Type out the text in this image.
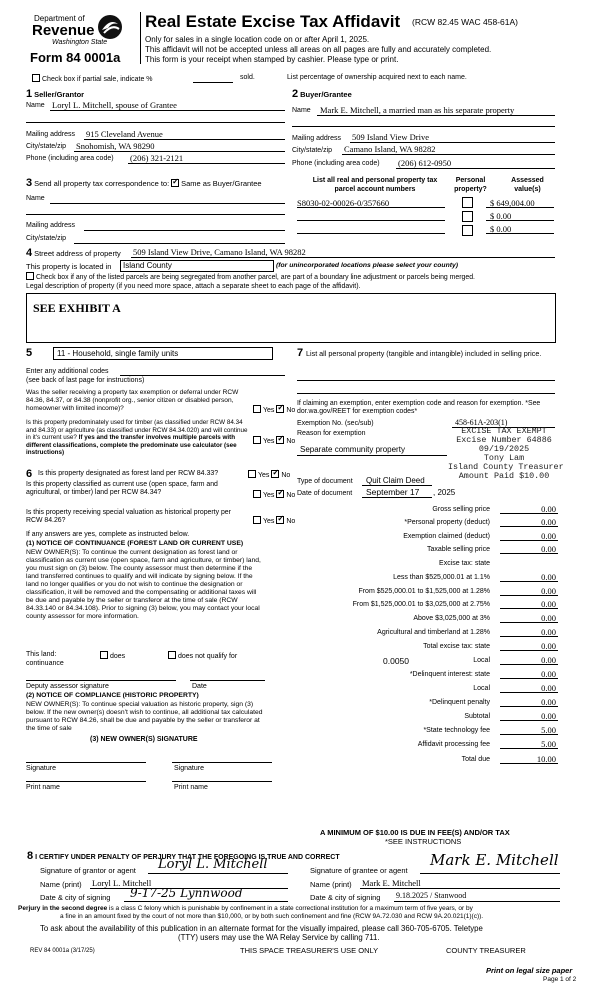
Department of
Revenue
Washington State
Form 84 0001a
Real Estate Excise Tax Affidavit (RCW 82.45 WAC 458-61A)
Only for sales in a single location code on or after April 1, 2025.
This affidavit will not be accepted unless all areas on all pages are fully and accurately completed.
This form is your receipt when stamped by cashier. Please type or print.
Check box if partial sale, indicate %	sold.	List percentage of ownership acquired next to each name.
1 Seller/Grantor
Name Loryl L. Mitchell, spouse of Grantee
Mailing address 915 Cleveland Avenue
City/state/zip Snohomish, WA 98290
Phone (including area code) (206) 321-2121
2 Buyer/Grantee
Name Mark E. Mitchell, a married man as his separate property
Mailing address 509 Island View Drive
City/state/zip Camano Island, WA 98282
Phone (including area code) (206) 612-0950
3 Send all property tax correspondence to: ✓ Same as Buyer/Grantee
Name
Mailing address
City/state/zip
List all real and personal property tax
parcel account numbers
Personal
property?
Assessed
value(s)
S8030-02-00026-0/357660	$ 649,004.00
$ 0.00
$ 0.00
4 Street address of property 509 Island View Drive, Camano Island, WA 98282
This property is located in	Island County	(for unincorporated locations please select your county)
Check box if any of the listed parcels are being segregated from another parcel, are part of a boundary line adjustment or parcels being merged.
Legal description of property (if you need more space, attach a separate sheet to each page of the affidavit).
SEE EXHIBIT A
5	11 - Household, single family units
Enter any additional codes
(see back of last page for instructions)
Was the seller receiving a property tax exemption or deferral under RCW 84.36, 84.37, or 84.38 (nonprofit org., senior citizen or disabled person, homeowner with limited income)?	Yes ✓ No
Is this property predominately used for timber (as classified under RCW 84.34 and 84.33) or agriculture (as classified under RCW 84.34.020) and will continue in it's current use? If yes and the transfer involves multiple parcels with different classifications, complete the predominate use calculator (see instructions)
Yes ✓ No
6 Is this property designated as forest land per RCW 84.33?	Yes ✓ No
Is this property classified as current use (open space, farm and agricultural, or timber) land per RCW 84.34?	Yes ✓ No
Is this property receiving special valuation as historical property per RCW 84.26?	Yes ✓ No
If any answers are yes, complete as instructed below.
(1) NOTICE OF CONTINUANCE (FOREST LAND OR CURRENT USE)
NEW OWNER(S): To continue the current designation as forest land or classification as current use (open space, farm and agriculture, or timber) land, you must sign on (3) below. The county assessor must then determine if the land transferred continues to qualify and will indicate by signing below. If the land no longer qualifies or you do not wish to continue the designation or classification, it will be removed and the compensating or additional taxes will be due and payable by the seller or transferor at the time of sale (RCW 84.33.140 or 84.34.108). Prior to signing (3) below, you may contact your local county assessor for more information.
This land:	does	does not qualify for
continuance
Deputy assessor signature	Date
(2) NOTICE OF COMPLIANCE (HISTORIC PROPERTY)
NEW OWNER(S): To continue special valuation as historic property, sign (3) below. If the new owner(s) doesn't wish to continue, all additional tax calculated pursuant to RCW 84.26, shall be due and payable by the seller or transferor at the time of sale
(3) NEW OWNER(S) SIGNATURE
Signature	Signature
Print name	Print name
7 List all personal property (tangible and intangible) included in selling price.
If claiming an exemption, enter exemption code and reason for exemption. *See dor.wa.gov/REET for exemption codes*
Exemption No. (sec/sub)	458-61A-203(1)
Reason for exemption
Separate community property
EXCISE TAX EXEMPT
Excise Number 64886
09/19/2025
Tony Lam
Island County Treasurer
Amount Paid $10.00
Type of document Quit Claim Deed
Date of document September 17 , 2025
Gross selling price	0.00
*Personal property (deduct)	0.00
Exemption claimed (deduct)	0.00
Taxable selling price	0.00
Excise tax: state
Less than $525,000.01 at 1.1%	0.00
From $525,000.01 to $1,525,000 at 1.28%	0.00
From $1,525,000.01 to $3,025,000 at 2.75%	0.00
Above $3,025,000 at 3%	0.00
Agricultural and timberland at 1.28%	0.00
Total excise tax: state	0.00
Local
0.0050	0.00
*Delinquent interest: state	0.00
Local	0.00
*Delinquent penalty	0.00
Subtotal	0.00
*State technology fee	5.00
Affidavit processing fee	5.00
Total due	10.00
A MINIMUM OF $10.00 IS DUE IN FEE(S) AND/OR TAX
*SEE INSTRUCTIONS
8 I CERTIFY UNDER PENALTY OF PERJURY THAT THE FOREGOING IS TRUE AND CORRECT
Signature of grantor or agent Loryl L. Mitchell
Name (print) Loryl L. Mitchell
Date & city of signing 9-17-25 Lynnwood
Signature of grantee or agent
Mark E. Mitchell
Name (print) Mark E. Mitchell
Date & city of signing 9.18.2025 / Stanwood
Perjury in the second degree is a class C felony which is punishable by confinement in a state correctional institution for a maximum term of five years, or by
a fine in an amount fixed by the court of not more than $10,000, or by both such confinement and fine (RCW 9A.72.030 and RCW 9A.20.021(1)(c)).
To ask about the availability of this publication in an alternate format for the visually impaired, please call 360-705-6705. Teletype
(TTY) users may use the WA Relay Service by calling 711.
REV 84 0001a (3/17/25)	THIS SPACE TREASURER'S USE ONLY	COUNTY TREASURER
Print on legal size paper
Page 1 of 2
